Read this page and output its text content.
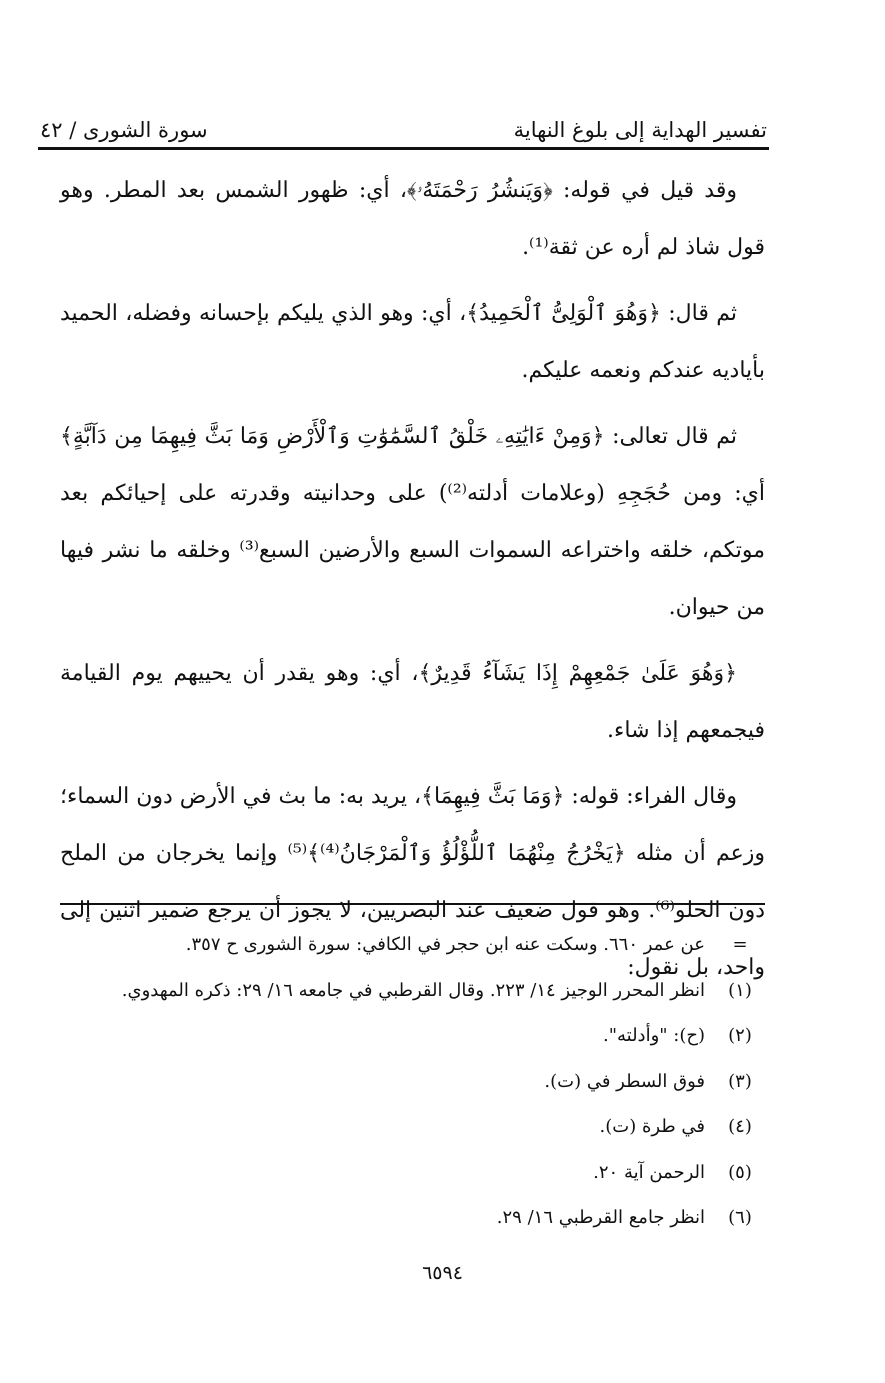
تفسير الهداية إلى بلوغ النهاية
سورة الشورى / ٤٢

وقد قيل في قوله: ﴿وَيَنشُرُ رَحْمَتَهُۥ﴾، أي: ظهور الشمس بعد المطر. وهو قول شاذ لم أره عن ثقة⁽¹⁾.

ثم قال: ﴿وَهُوَ ٱلْوَلِىُّ ٱلْحَمِيدُ﴾، أي: وهو الذي يليكم بإحسانه وفضله، الحميد بأياديه عندكم ونعمه عليكم.

ثم قال تعالى: ﴿وَمِنْ ءَايَٰتِهِۦ خَلْقُ ٱلسَّمَٰوَٰتِ وَٱلْأَرْضِ وَمَا بَثَّ فِيهِمَا مِن دَآبَّةٍ﴾ أي: ومن حُجَجِهِ (وعلامات أدلته⁽²⁾) على وحدانيته وقدرته على إحيائكم بعد موتكم، خلقه واختراعه السموات السبع والأرضين السبع⁽³⁾ وخلقه ما نشر فيها من حيوان.

﴿وَهُوَ عَلَىٰ جَمْعِهِمْ إِذَا يَشَآءُ قَدِيرٌ﴾، أي: وهو يقدر أن يحييهم يوم القيامة فيجمعهم إذا شاء.

وقال الفراء: قوله: ﴿وَمَا بَثَّ فِيهِمَا﴾، يريد به: ما بث في الأرض دون السماء؛ وزعم أن مثله ﴿يَخْرُجُ مِنْهُمَا ٱللُّؤْلُؤُ وَٱلْمَرْجَانُ⁽⁴⁾﴾⁽⁵⁾ وإنما يخرجان من الملح دون الحلو⁽⁶⁾. وهو قول ضعيف عند البصريين، لا يجوز أن يرجع ضمير اثنين إلى واحد، بل نقول:

=
عن عمر ٦٦٠. وسكت عنه ابن حجر في الكافي: سورة الشورى ح ٣٥٧.
(١)
انظر المحرر الوجيز ١٤/ ٢٢٣. وقال القرطبي في جامعه ١٦/ ٢٩: ذكره المهدوي.
(٢)
(ح): "وأدلته".
(٣)
فوق السطر في (ت).
(٤)
في طرة (ت).
(٥)
الرحمن آية ٢٠.
(٦)
انظر جامع القرطبي ١٦/ ٢٩.
٦٥٩٤
